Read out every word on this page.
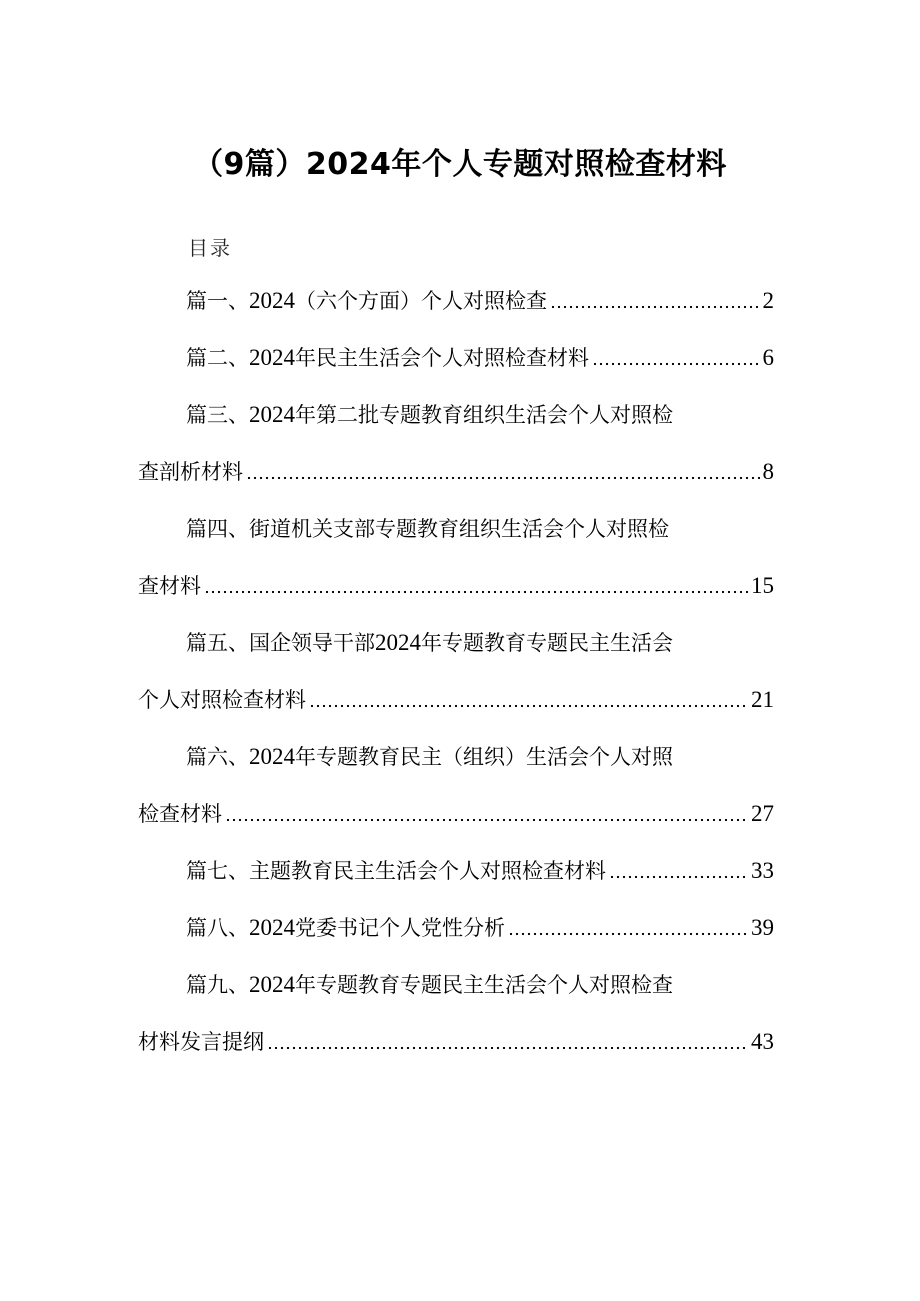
（9篇）2024年个人专题对照检查材料
目录
篇一、2024（六个方面）个人对照检查	2
篇二、2024年民主生活会个人对照检查材料	6
篇三、2024年第二批专题教育组织生活会个人对照检
查剖析材料	8
篇四、街道机关支部专题教育组织生活会个人对照检
查材料	15
篇五、国企领导干部2024年专题教育专题民主生活会
个人对照检查材料	21
篇六、2024年专题教育民主（组织）生活会个人对照
检查材料	27
篇七、主题教育民主生活会个人对照检查材料	33
篇八、2024党委书记个人党性分析	39
篇九、2024年专题教育专题民主生活会个人对照检查
材料发言提纲	43
